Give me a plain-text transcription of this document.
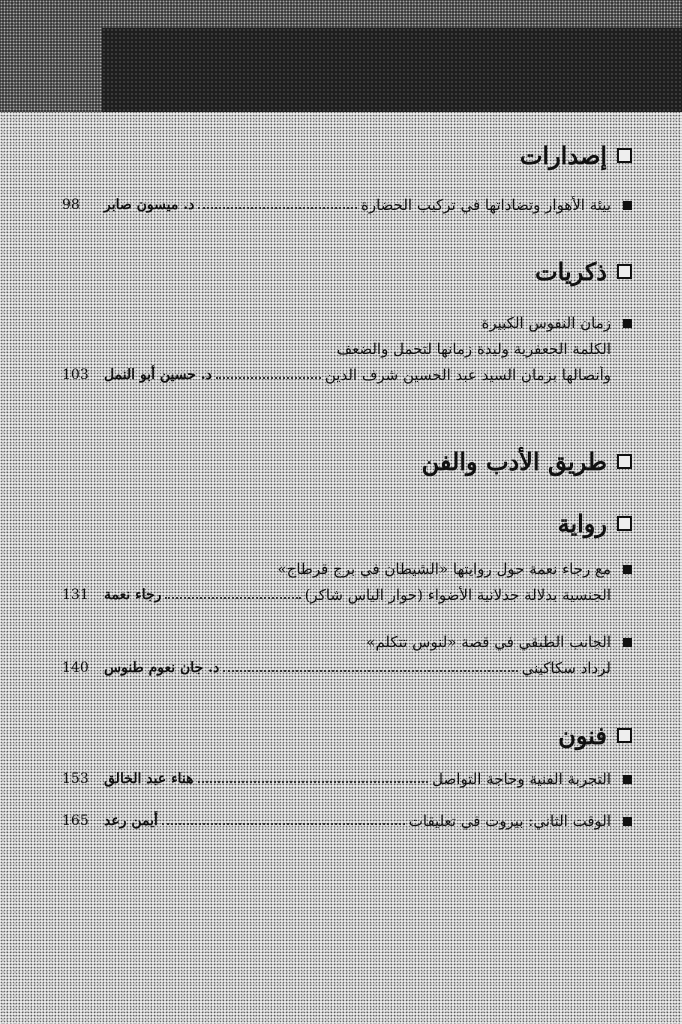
إصدارات
بيئة الأهوار وتضاداتها في تركيب الحضارة
د. ميسون صابر
98
ذكريات
زمان النفوس الكبيرة
الكلمة الجعفرية وليدة زمانها لتحمل والضعف
وأنصالها بزمان السيد عبد الحسين شرف الدين
د. حسين أبو النمل
103
طريق الأدب والفن
رواية
مع رجاء نعمة حول روايتها «الشيطان في برج قرطاج»
الجنسية بدلالة جدلانية الأضواء (حوار الياس شاكر)
رجاء نعمة
131
الجانب الطبقي في قصة «لنوس تتكلم»
لرداد سكاكيني
د. جان نعوم طنوس
140
فنون
التجربة الفنية وحاجة التواصل
هناء عبد الخالق
153
الوقت الثاني: بيروت في تعليقات
أيمن رعد
165
